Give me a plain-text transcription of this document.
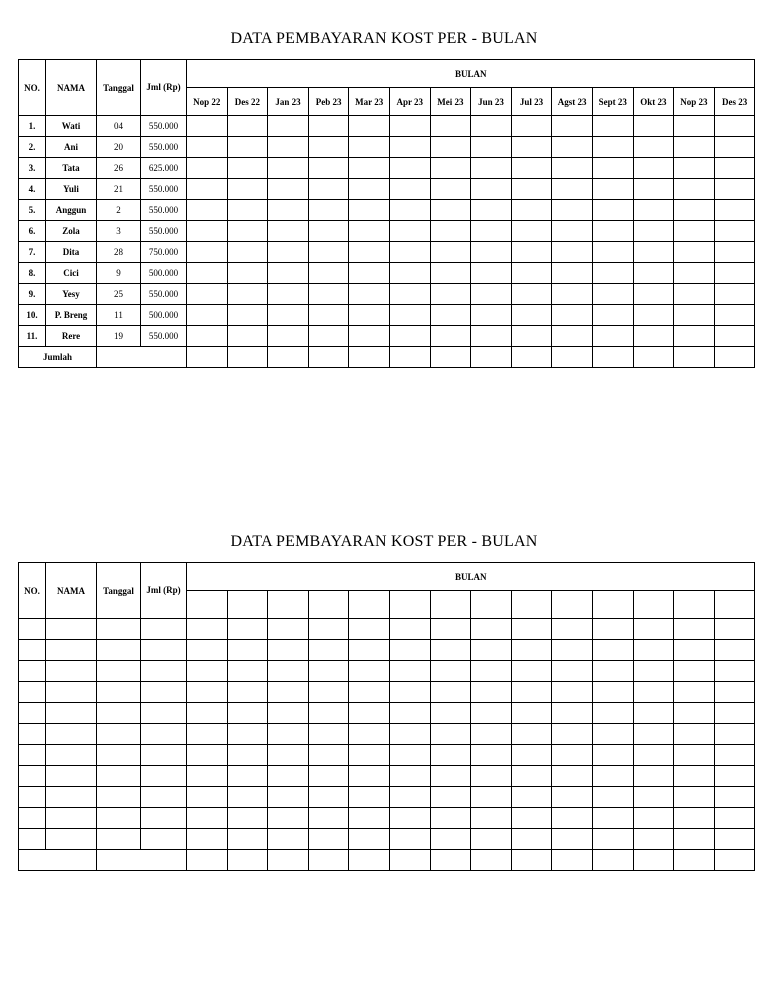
DATA PEMBAYARAN KOST PER - BULAN
NO.	NAMA	Tanggal	Jml (Rp)	BULAN													
				Nop 22	Des 22	Jan 23	Peb 23	Mar 23	Apr 23	Mei 23	Jun 23	Jul 23	Agst 23	Sept 23	Okt 23	Nop 23	Des 23
1.	Wati	04	550.000														
2.	Ani	20	550.000														
3.	Tata	26	625.000														
4.	Yuli	21	550.000														
5.	Anggun	2	550.000														
6.	Zola	3	550.000														
7.	Dita	28	750.000														
8.	Cici	9	500.000														
9.	Yesy	25	550.000														
10.	P. Breng	11	500.000														
11.	Rere	19	550.000														
Jumlah																	
DATA PEMBAYARAN KOST PER - BULAN
NO.	NAMA	Tanggal	Jml (Rp)	BULAN													
